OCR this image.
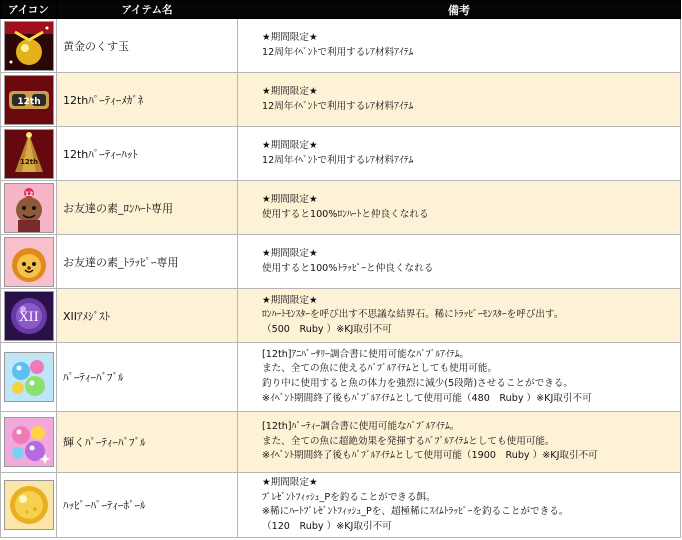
アイコン	アイテム名	備考

	黄金のくす玉	★期間限定★
12周年ｲﾍﾞﾝﾄで利用するﾚｱ材料ｱｲﾃﾑ

12th	12thﾊﾟｰﾃｨｰﾒｶﾞﾈ	★期間限定★
12周年ｲﾍﾞﾝﾄで利用するﾚｱ材料ｱｲﾃﾑ

12th	12thﾊﾟｰﾃｨｰﾊｯﾄ	★期間限定★
12周年ｲﾍﾞﾝﾄで利用するﾚｱ材料ｱｲﾃﾑ

12	お友達の素_ﾛﾝﾊｰﾄ専用	★期間限定★
使用すると100%ﾛﾝﾊｰﾄと仲良くなれる

	お友達の素_ﾄﾗｯﾋﾟｰ専用	★期間限定★
使用すると100%ﾄﾗｯﾋﾟｰと仲良くなれる

XII	XIIｱﾒｼﾞｽﾄ	★期間限定★
ﾛﾝﾊｰﾄﾓﾝｽﾀｰを呼び出す不思議な結界石。稀にﾄﾗｯﾋﾟｰﾓﾝｽﾀｰを呼び出す。
（500　Ruby ）※KJ取引不可

	ﾊﾟｰﾃｨｰﾊﾞﾌﾞﾙ	[12th]ｱﾆﾊﾞｰｻﾘｰ調合書に使用可能なﾊﾞﾌﾞﾙｱｲﾃﾑ。
また、全ての魚に使えるﾊﾞﾌﾞﾙｱｲﾃﾑとしても使用可能。
釣り中に使用すると魚の体力を強烈に減少(5段階)させることができる。
※ｲﾍﾞﾝﾄ期間終了後もﾊﾞﾌﾞﾙｱｲﾃﾑとして使用可能（480　Ruby ）※KJ取引不可

	輝くﾊﾟｰﾃｨｰﾊﾞﾌﾞﾙ	[12th]ﾊﾟｰﾃｨｰ調合書に使用可能なﾊﾞﾌﾞﾙｱｲﾃﾑ。
また、全ての魚に超絶効果を発揮するﾊﾞﾌﾞﾙｱｲﾃﾑとしても使用可能。
※ｲﾍﾞﾝﾄ期間終了後もﾊﾞﾌﾞﾙｱｲﾃﾑとして使用可能（1900　Ruby ）※KJ取引不可

	ﾊｯﾋﾟｰﾊﾟｰﾃｨｰﾎﾞｰﾙ	★期間限定★
ﾌﾟﾚｾﾞﾝﾄﾌｨｯｼｭ_Pを釣ることができる餌。
※稀にﾊｰﾄﾌﾟﾚｾﾞﾝﾄﾌｨｯｼｭ_Pを、超極稀にｽｲﾑﾄﾗｯﾋﾟｰを釣ることができる。
（120　Ruby ）※KJ取引不可
